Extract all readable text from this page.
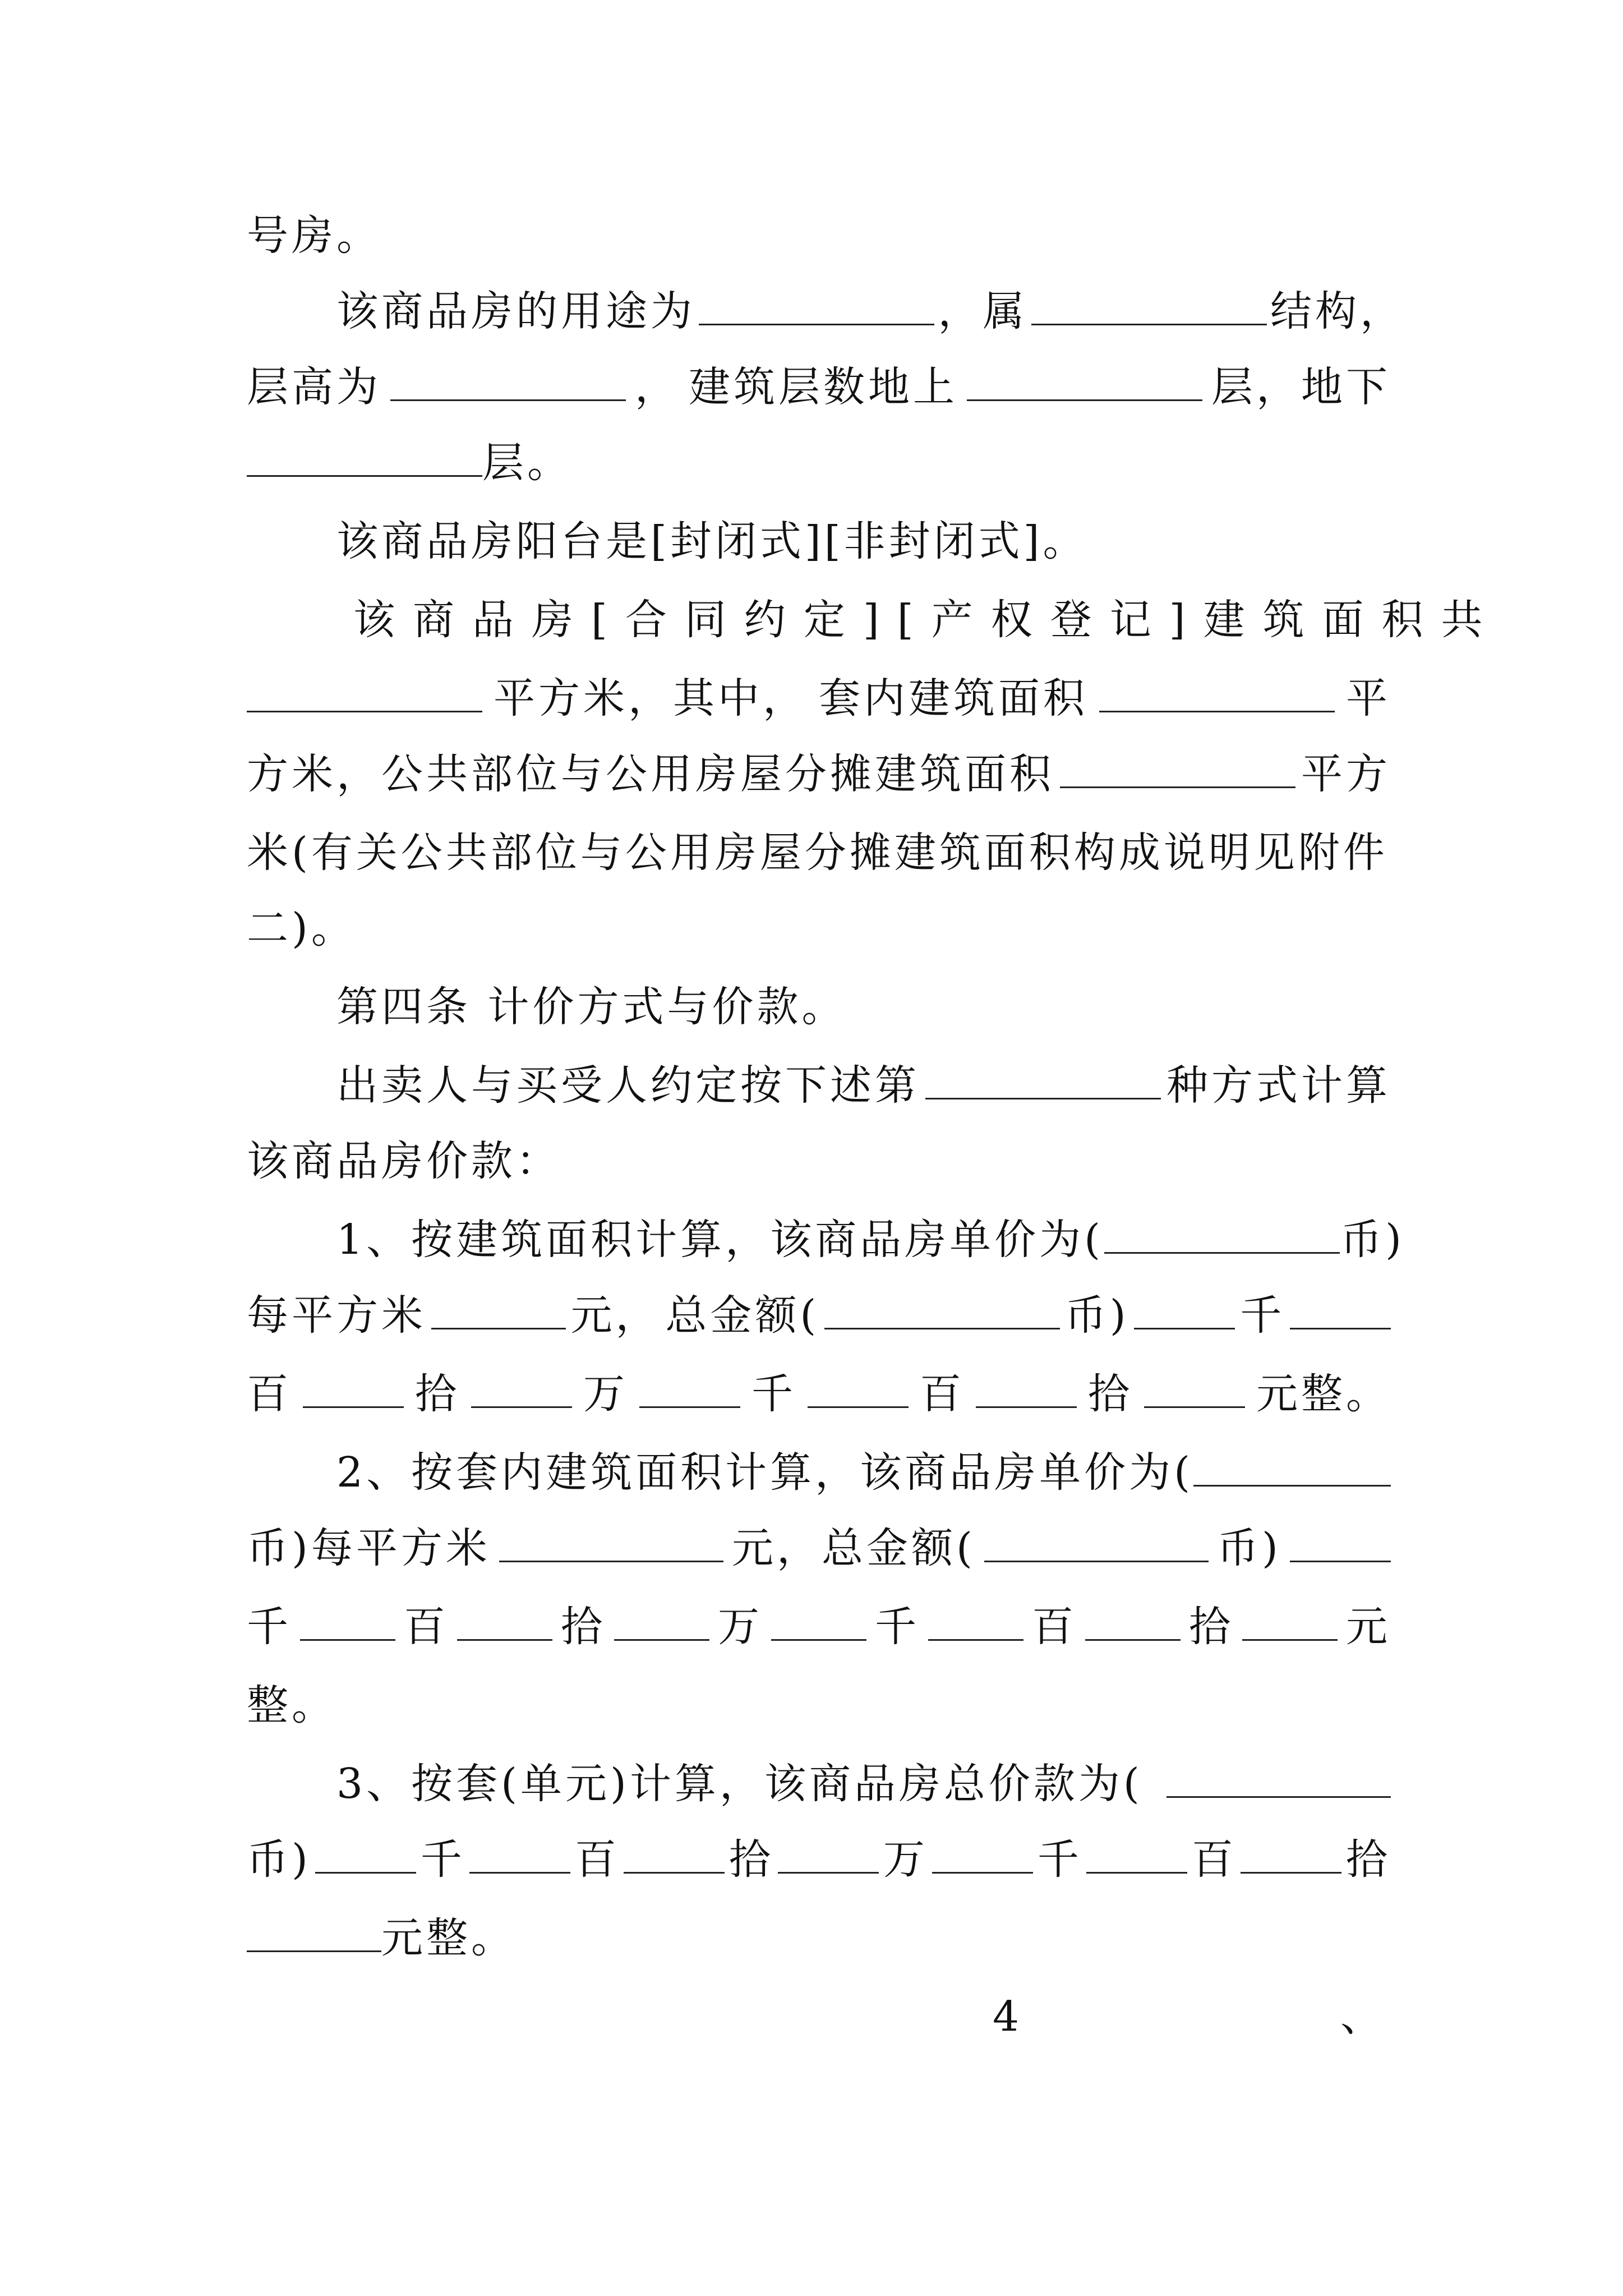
号房。
该商品房的用途为	，属	结构，
层高为	， 建筑层数地上	层，地下
层。
该商品房阳台是[封闭式][非封闭式]。
该商品房[合同约定][产权登记]建筑面积共
平方米，其中， 套内建筑面积	平
方米，公共部位与公用房屋分摊建筑面积	平方
米(有关公共部位与公用房屋分摊建筑面积构成说明见附件
二)。
第四条 计价方式与价款。
出卖人与买受人约定按下述第	种方式计算
该商品房价款：
1、按建筑面积计算，该商品房单价为(	币)
每平方米	元， 总金额(	币)	千
百	拾	万	千	百	拾	元整。
2、按套内建筑面积计算，该商品房单价为(
币)每平方米	元，总金额(	币)
千	百	拾	万	千	百	拾	元
整。
3、按套(单元)计算，该商品房总价款为(
币)	千	百	拾	万	千	百	拾
元整。
4	、
